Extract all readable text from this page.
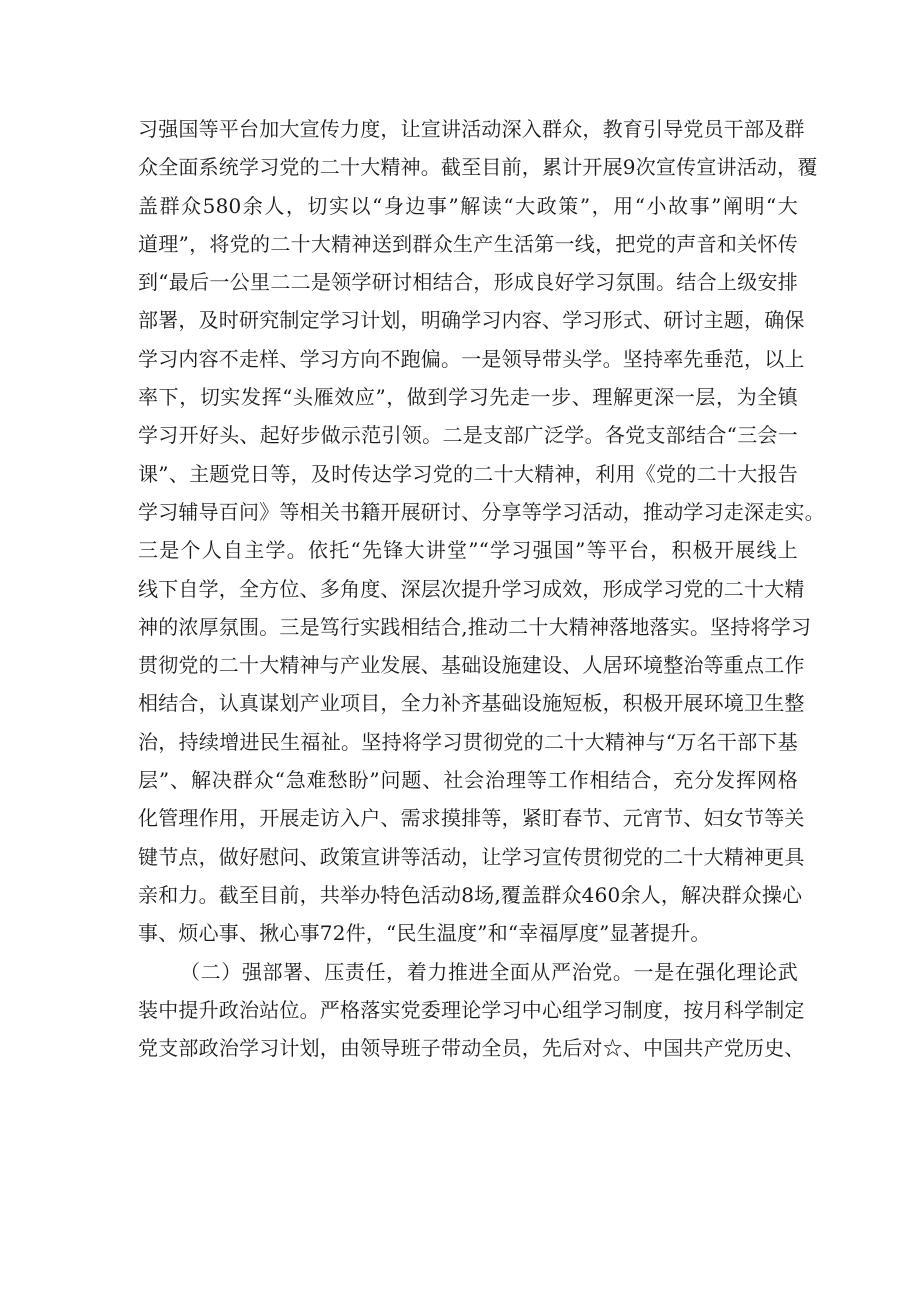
习强国等平台加大宣传力度，让宣讲活动深入群众，教育引导党员干部及群
众全面系统学习党的二十大精神。截至目前，累计开展9次宣传宣讲活动，覆
盖群众580余人，切实以“身边事”解读“大政策”，用“小故事”阐明“大
道理”，将党的二十大精神送到群众生产生活第一线，把党的声音和关怀传
到“最后一公里二二是领学研讨相结合，形成良好学习氛围。结合上级安排
部署，及时研究制定学习计划，明确学习内容、学习形式、研讨主题，确保
学习内容不走样、学习方向不跑偏。一是领导带头学。坚持率先垂范，以上
率下，切实发挥“头雁效应”，做到学习先走一步、理解更深一层，为全镇
学习开好头、起好步做示范引领。二是支部广泛学。各党支部结合“三会一
课”、主题党日等，及时传达学习党的二十大精神，利用《党的二十大报告
学习辅导百问》等相关书籍开展研讨、分享等学习活动，推动学习走深走实。
三是个人自主学。依托“先锋大讲堂”“学习强国”等平台，积极开展线上
线下自学，全方位、多角度、深层次提升学习成效，形成学习党的二十大精
神的浓厚氛围。三是笃行实践相结合,推动二十大精神落地落实。坚持将学习
贯彻党的二十大精神与产业发展、基础设施建设、人居环境整治等重点工作
相结合，认真谋划产业项目，全力补齐基础设施短板，积极开展环境卫生整
治，持续增进民生福祉。坚持将学习贯彻党的二十大精神与“万名干部下基
层”、解决群众“急难愁盼”问题、社会治理等工作相结合，充分发挥网格
化管理作用，开展走访入户、需求摸排等，紧盯春节、元宵节、妇女节等关
键节点，做好慰问、政策宣讲等活动，让学习宣传贯彻党的二十大精神更具
亲和力。截至目前，共举办特色活动8场,覆盖群众460余人，解决群众操心
事、烦心事、揪心事72件，“民生温度”和“幸福厚度”显著提升。
（二）强部署、压责任，着力推进全面从严治党。一是在强化理论武
装中提升政治站位。严格落实党委理论学习中心组学习制度，按月科学制定
党支部政治学习计划，由领导班子带动全员，先后对☆、中国共产党历史、
